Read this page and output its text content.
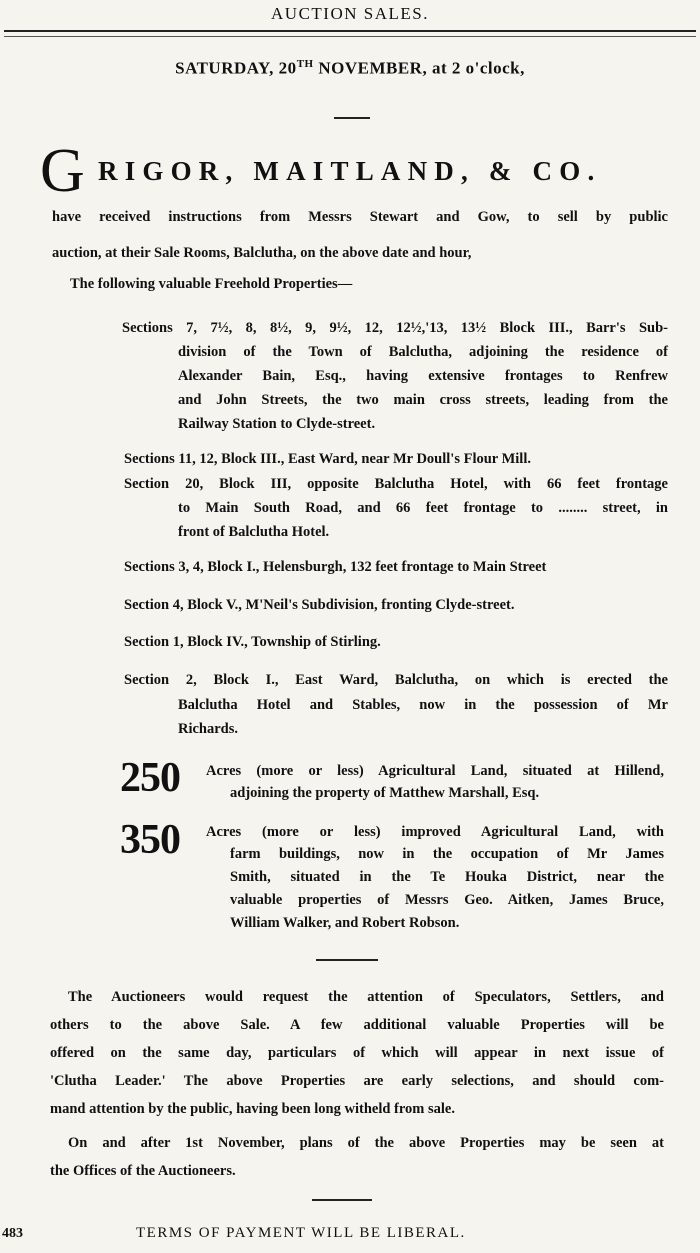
AUCTION SALES.
SATURDAY, 20TH NOVEMBER, at 2 o'clock,
G RIGOR, MAITLAND, & CO.
have received instructions from Messrs Stewart and Gow, to sell by public
auction, at their Sale Rooms, Balclutha, on the above date and hour,
The following valuable Freehold Properties—
Sections 7, 7½, 8, 8½, 9, 9½, 12, 12½,'13, 13½ Block III., Barr's Sub-
division of the Town of Balclutha, adjoining the residence of
Alexander Bain, Esq., having extensive frontages to Renfrew
and John Streets, the two main cross streets, leading from the
Railway Station to Clyde-street.
Sections 11, 12, Block III., East Ward, near Mr Doull's Flour Mill.
Section 20, Block III, opposite Balclutha Hotel, with 66 feet frontage
to Main South Road, and 66 feet frontage to ........ street, in
front of Balclutha Hotel.
Sections 3, 4, Block I., Helensburgh, 132 feet frontage to Main Street
Section 4, Block V., M'Neil's Subdivision, fronting Clyde-street.
Section 1, Block IV., Township of Stirling.
Section 2, Block I., East Ward, Balclutha, on which is erected the
Balclutha Hotel and Stables, now in the possession of Mr
Richards.
250 Acres (more or less) Agricultural Land, situated at Hillend,
adjoining the property of Matthew Marshall, Esq.
350 Acres (more or less) improved Agricultural Land, with
farm buildings, now in the occupation of Mr James
Smith, situated in the Te Houka District, near the
valuable properties of Messrs Geo. Aitken, James Bruce,
William Walker, and Robert Robson.
The Auctioneers would request the attention of Speculators, Settlers, and
others to the above Sale. A few additional valuable Properties will be
offered on the same day, particulars of which will appear in next issue of
'Clutha Leader.' The above Properties are early selections, and should com-
mand attention by the public, having been long witheld from sale.
On and after 1st November, plans of the above Properties may be seen at
the Offices of the Auctioneers.
483	TERMS OF PAYMENT WILL BE LIBERAL.
